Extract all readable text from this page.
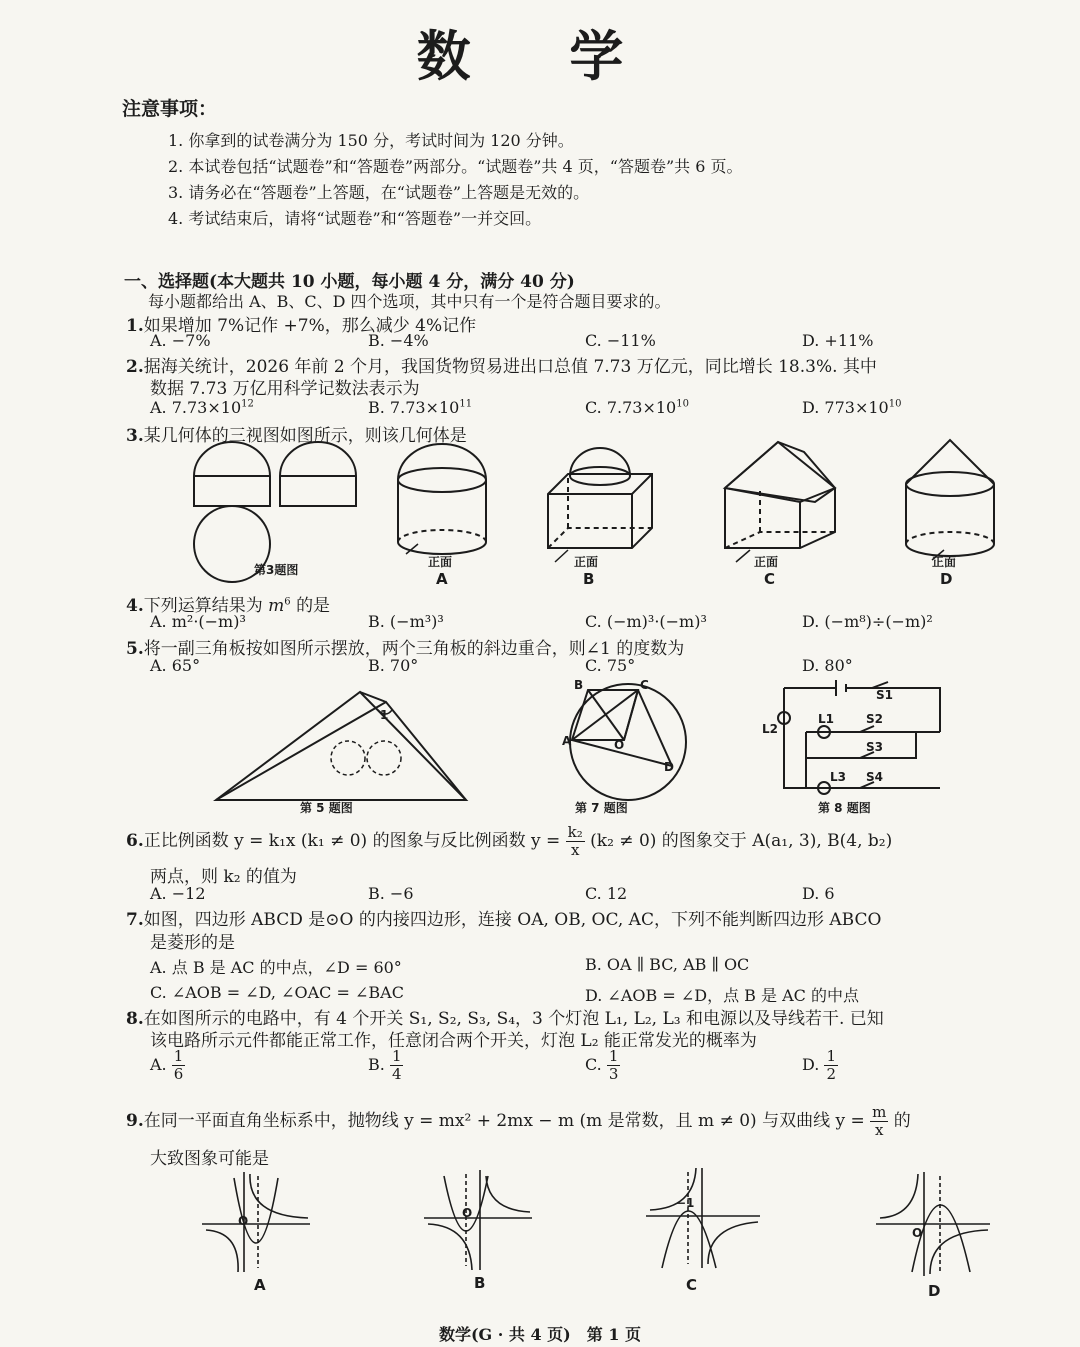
数 学
注意事项：
1. 你拿到的试卷满分为 150 分，考试时间为 120 分钟。
2. 本试卷包括“试题卷”和“答题卷”两部分。“试题卷”共 4 页，“答题卷”共 6 页。
3. 请务必在“答题卷”上答题，在“试题卷”上答题是无效的。
4. 考试结束后，请将“试题卷”和“答题卷”一并交回。
一、选择题(本大题共 10 小题，每小题 4 分，满分 40 分)
每小题都给出 A、B、C、D 四个选项，其中只有一个是符合题目要求的。
1.如果增加 7%记作 +7%，那么减少 4%记作
A. −7%	B. −4%	C. −11%	D. +11%
2.据海关统计，2026 年前 2 个月，我国货物贸易进出口总值 7.73 万亿元，同比增长 18.3%. 其中
数据 7.73 万亿用科学记数法表示为
A. $7.73\times 10^{12}$	B. $7.73\times 10^{11}$	C. $7.73\times 10^{10}$	D. $773\times 10^{10}$
3.某几何体的三视图如图所示，则该几何体是
第3题图
正面	正面	正面	正面
A	B	C	D
4.下列运算结果为 $m^6$ 的是
A. m²·(−m)³	B. (−m³)³	C. (−m)³·(−m)³	D. (−m⁸)÷(−m)²
5.将一副三角板按如图所示摆放，两个三角板的斜边重合，则∠1 的度数为
A. 65°	B. 70°	C. 75°	D. 80°
1
第 5 题图
B	C
A	O
D
第 7 题图
S1
L2
L1	S2
S3
L3 S4
第 8 题图
6.正比例函数 y = k₁x (k₁ ≠ 0) 的图象与反比例函数 $y = \frac{\text{k₂}}{x} (k_2 \ne 0)$ 的图象交于 A(a₁, 3), B(4, b₂)
两点，则 k₂ 的值为
A. −12	B. −6	C. 12	D. 6
7.如图，四边形 ABCD 是⊙O 的内接四边形，连接 OA, OB, OC, AC，下列不能判断四边形 ABCO
是菱形的是
A. 点 B 是 AC 的中点，∠D = 60°	B. OA ∥ BC, AB ∥ OC
C. ∠AOB = ∠D, ∠OAC = ∠BAC	D. ∠AOB = ∠D，点 B 是 AC 的中点
8.在如图所示的电路中，有 4 个开关 S₁, S₂, S₃, S₄，3 个灯泡 L₁, L₂, L₃ 和电源以及导线若干. 已知
该电路所示元件都能正常工作，任意闭合两个开关，灯泡 L₂ 能正常发光的概率为
A. $\frac{1}{6}$	B. $\frac{1}{4}$	C. $\frac{1}{3}$	D. $\frac{1}{2}$
9.在同一平面直角坐标系中，抛物线 y = mx² + 2mx − m (m 是常数，且 m ≠ 0) 与双曲线 $y = \frac{m}{x}$ 的
大致图象可能是
O
O
−1
O
A	B	C	D
数学(G · 共 4 页)　第 1 页
